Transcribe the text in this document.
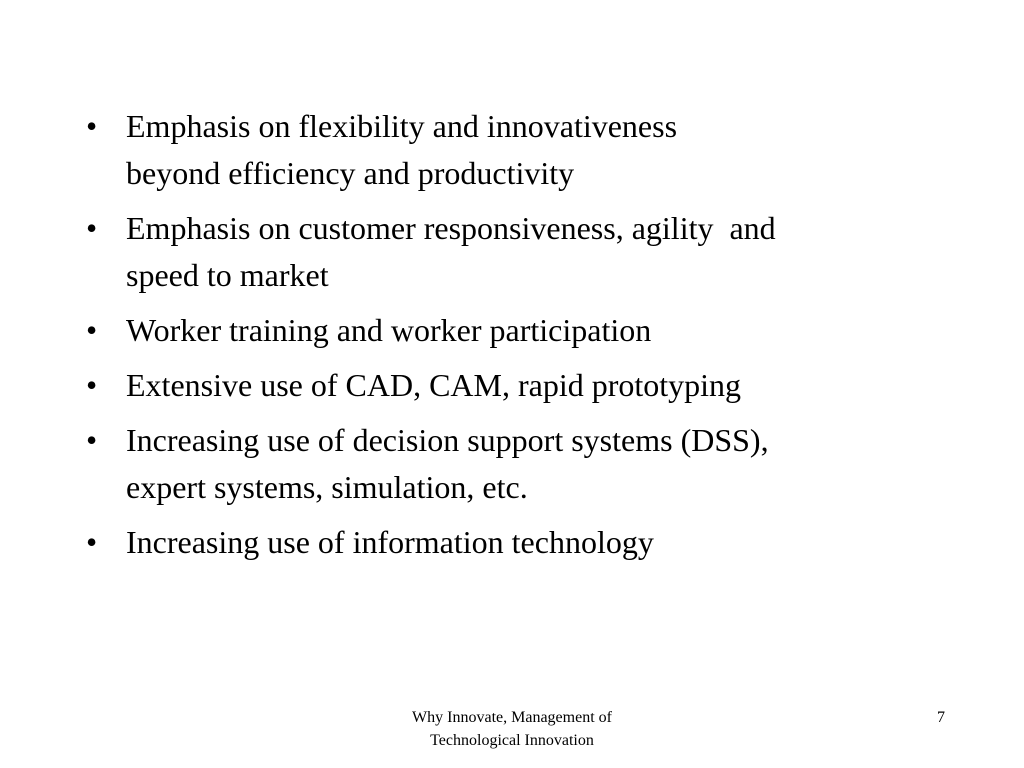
• Emphasis on flexibility and innovativeness
beyond efficiency and productivity
• Emphasis on customer responsiveness, agility  and
speed to market
• Worker training and worker participation
• Extensive use of CAD, CAM, rapid prototyping
• Increasing use of decision support systems (DSS),
expert systems, simulation, etc.
• Increasing use of information technology
Why Innovate, Management of
Technological Innovation
7
